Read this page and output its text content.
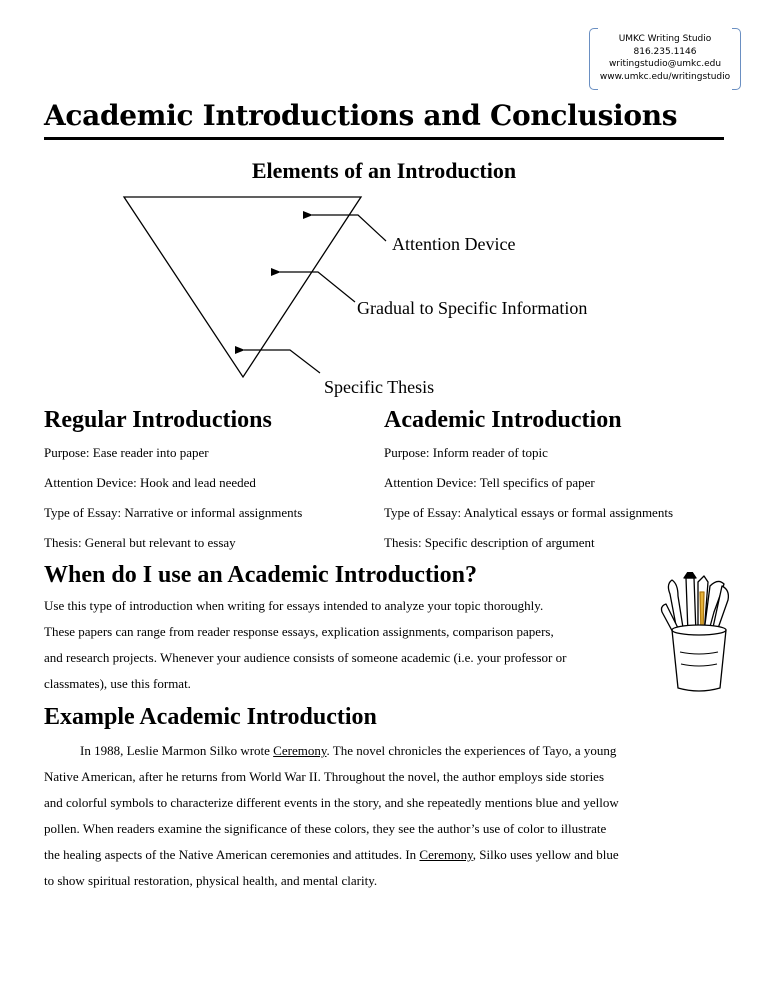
UMKC Writing Studio
816.235.1146
writingstudio@umkc.edu
www.umkc.edu/writingstudio
Academic Introductions and Conclusions
Elements of an Introduction
Attention Device
Gradual to Specific Information
Specific Thesis
Regular Introductions	Academic Introduction
Purpose: Ease reader into paper	Purpose: Inform reader of topic
Attention Device: Hook and lead needed	Attention Device: Tell specifics of paper
Type of Essay: Narrative or informal assignments	Type of Essay: Analytical essays or formal assignments
Thesis: General but relevant to essay	Thesis: Specific description of argument
When do I use an Academic Introduction?
Use this type of introduction when writing for essays intended to analyze your topic thoroughly.
These papers can range from reader response essays, explication assignments, comparison papers,
and research projects. Whenever your audience consists of someone academic (i.e. your professor or
classmates), use this format.
Example Academic Introduction

In 1988, Leslie Marmon Silko wrote Ceremony. The novel chronicles the experiences of Tayo, a young
Native American, after he returns from World War II. Throughout the novel, the author employs side stories
and colorful symbols to characterize different events in the story, and she repeatedly mentions blue and yellow
pollen. When readers examine the significance of these colors, they see the author’s use of color to illustrate
the healing aspects of the Native American ceremonies and attitudes. In Ceremony, Silko uses yellow and blue
to show spiritual restoration, physical health, and mental clarity.
